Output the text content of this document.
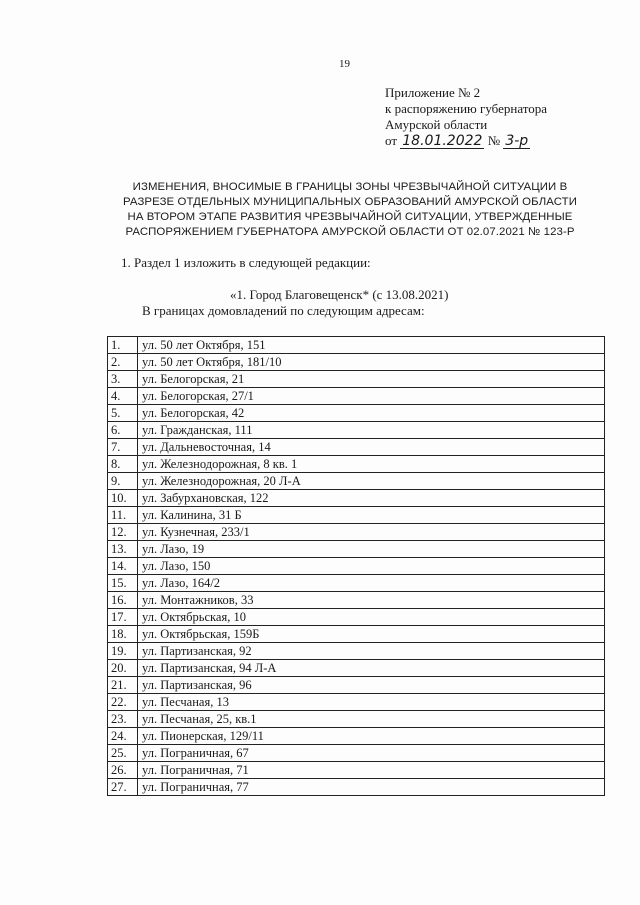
19
Приложение № 2
к распоряжению губернатора
Амурской области
от 18.01.2022 № 3-р
ИЗМЕНЕНИЯ, ВНОСИМЫЕ В ГРАНИЦЫ ЗОНЫ ЧРЕЗВЫЧАЙНОЙ СИТУАЦИИ В
РАЗРЕЗЕ ОТДЕЛЬНЫХ МУНИЦИПАЛЬНЫХ ОБРАЗОВАНИЙ АМУРСКОЙ ОБЛАСТИ
НА ВТОРОМ ЭТАПЕ РАЗВИТИЯ ЧРЕЗВЫЧАЙНОЙ СИТУАЦИИ, УТВЕРЖДЕННЫЕ
РАСПОРЯЖЕНИЕМ ГУБЕРНАТОРА АМУРСКОЙ ОБЛАСТИ ОТ 02.07.2021 № 123-Р
1. Раздел 1 изложить в следующей редакции:
«1. Город Благовещенск* (с 13.08.2021)
В границах домовладений по следующим адресам:
1.	ул. 50 лет Октября, 151
2.	ул. 50 лет Октября, 181/10
3.	ул. Белогорская, 21
4.	ул. Белогорская, 27/1
5.	ул. Белогорская, 42
6.	ул. Гражданская, 111
7.	ул. Дальневосточная, 14
8.	ул. Железнодорожная, 8 кв. 1
9.	ул. Железнодорожная, 20 Л-А
10.	ул. Забурхановская, 122
11.	ул. Калинина, 31 Б
12.	ул. Кузнечная, 233/1
13.	ул. Лазо, 19
14.	ул. Лазо, 150
15.	ул. Лазо, 164/2
16.	ул. Монтажников, 33
17.	ул. Октябрьская, 10
18.	ул. Октябрьская, 159Б
19.	ул. Партизанская, 92
20.	ул. Партизанская, 94 Л-А
21.	ул. Партизанская, 96
22.	ул. Песчаная, 13
23.	ул. Песчаная, 25, кв.1
24.	ул. Пионерская, 129/11
25.	ул. Пограничная, 67
26.	ул. Пограничная, 71
27.	ул. Пограничная, 77
